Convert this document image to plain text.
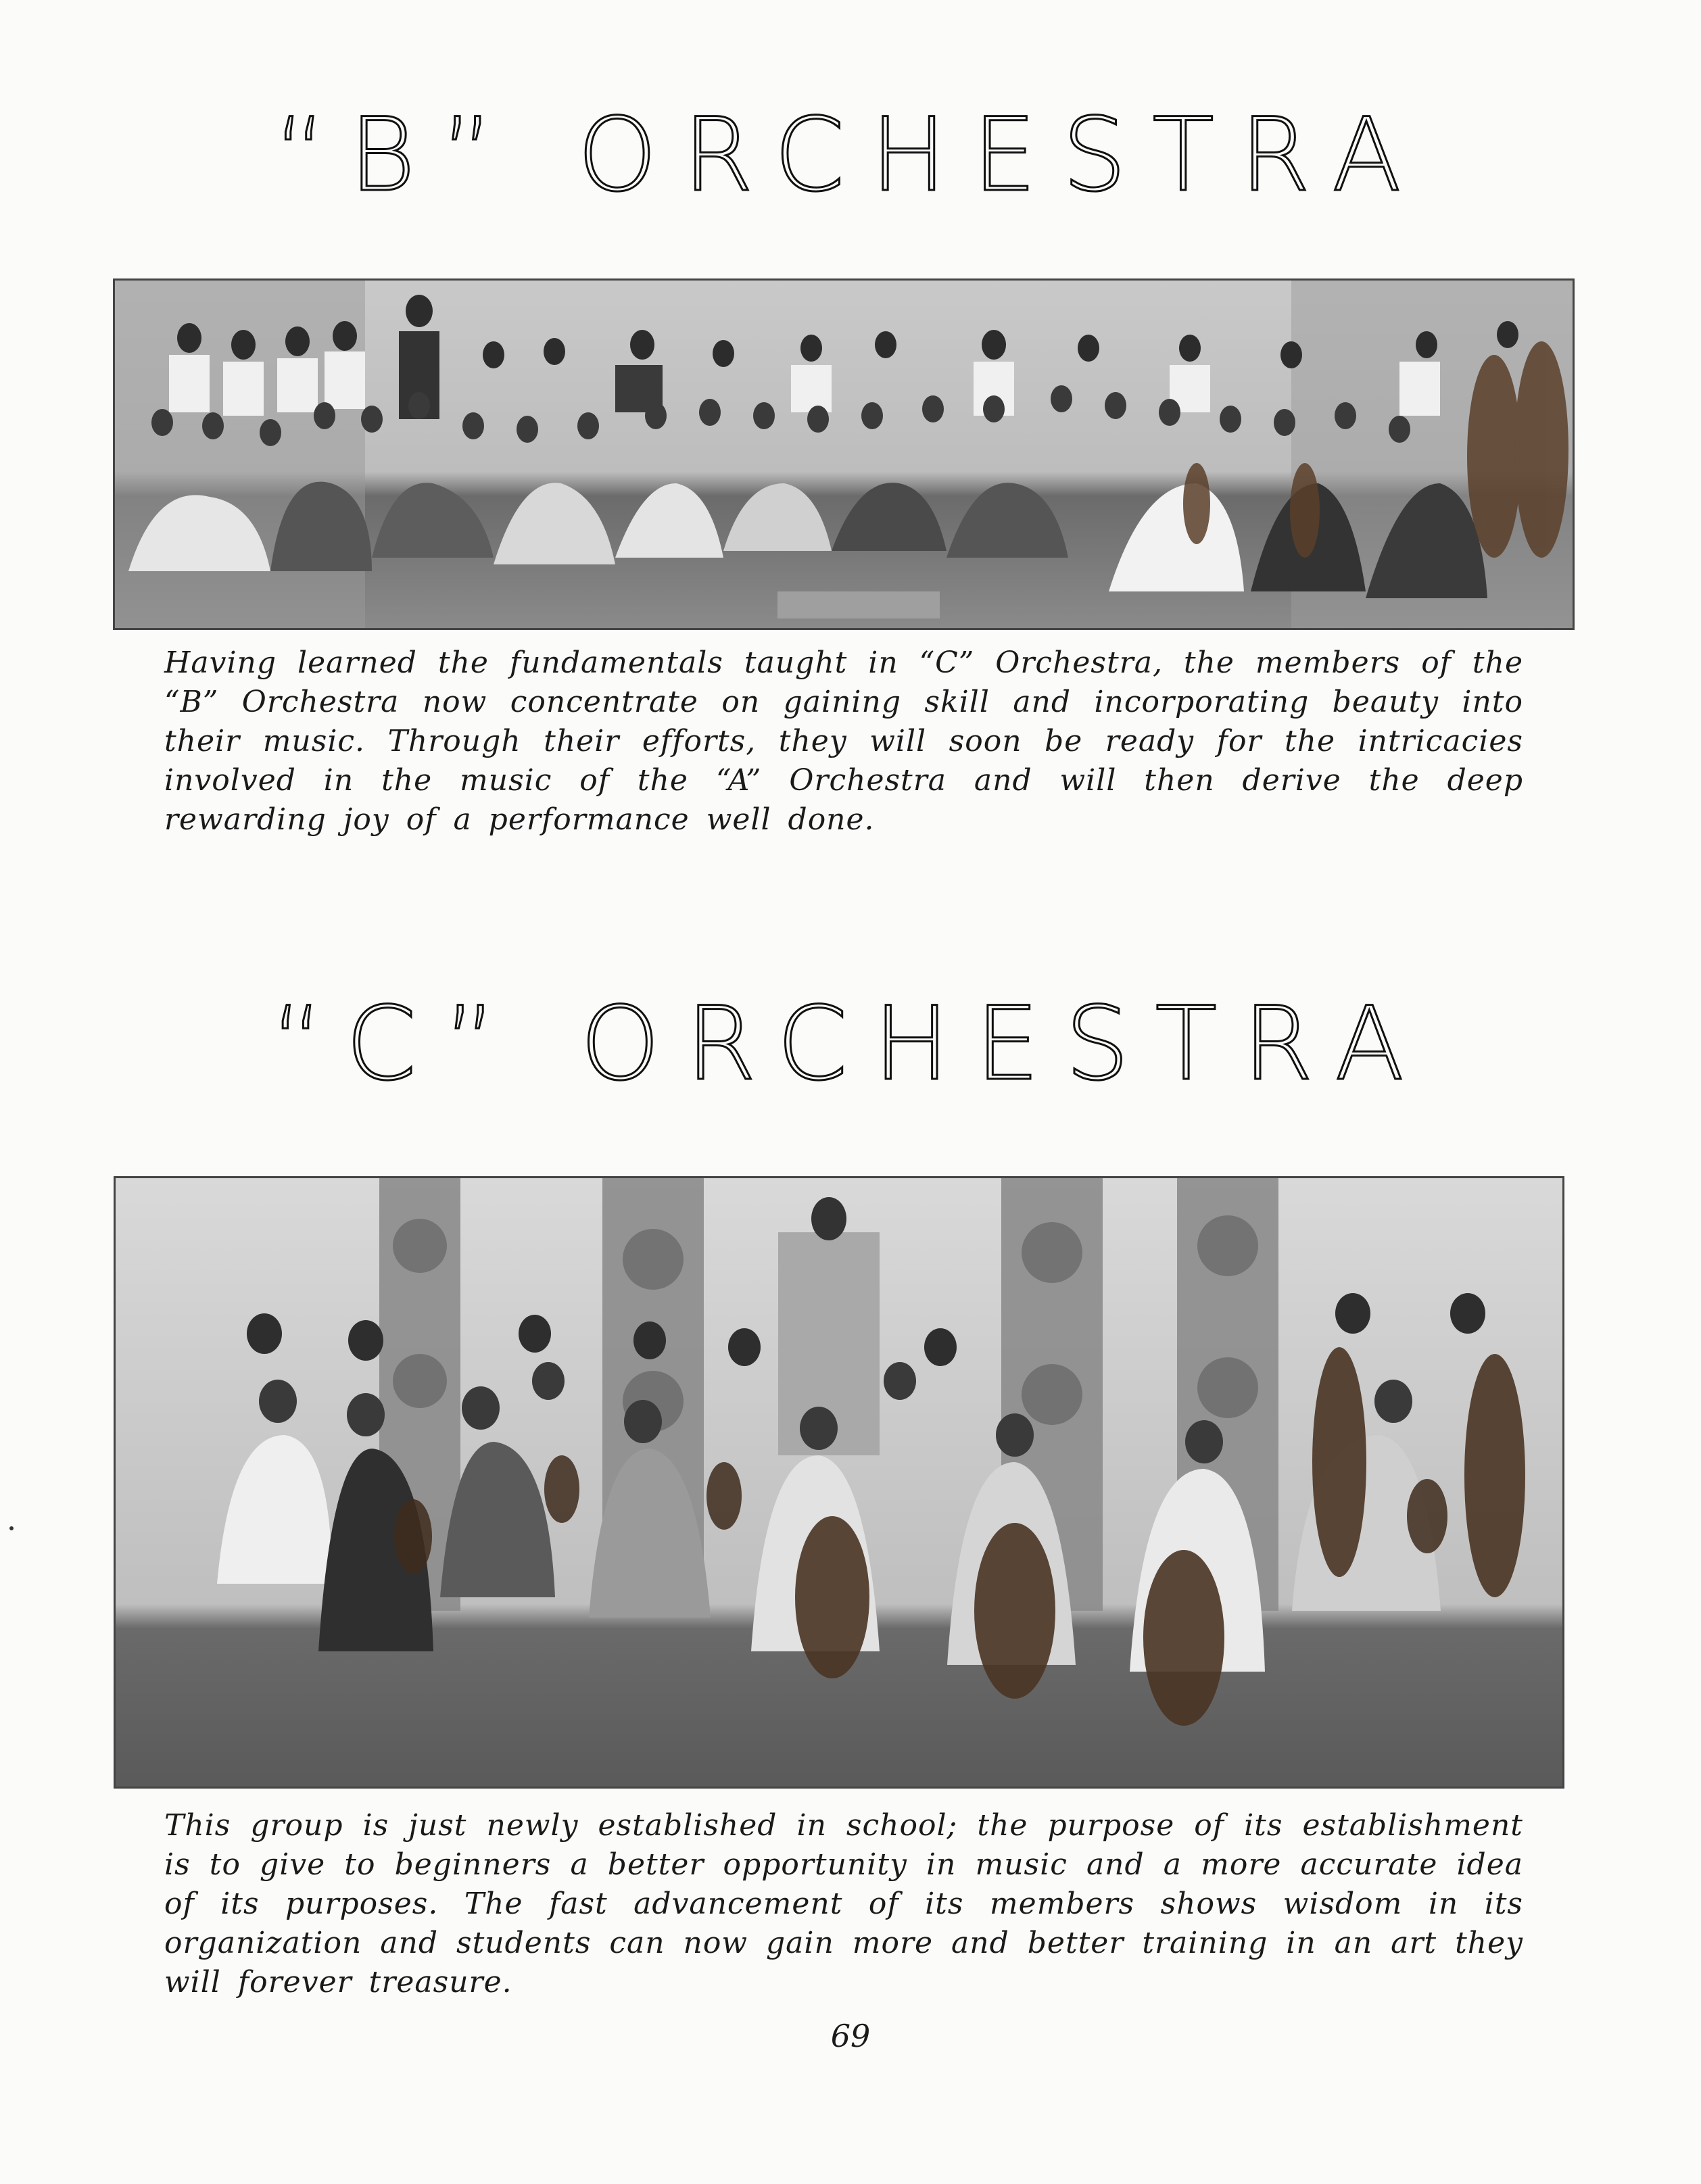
“B” ORCHESTRA
Having learned the fundamentals taught in “C” Orchestra, the members of the “B” Orchestra now concentrate on gaining skill and incorporating beauty into their music. Through their efforts, they will soon be ready for the intricacies involved in the music of the “A” Orchestra and will then derive the deep rewarding joy of a performance well done.
“C” ORCHESTRA
This group is just newly established in school; the purpose of its establishment is to give to beginners a better opportunity in music and a more accurate idea of its purposes. The fast advancement of its members shows wisdom in its organization and students can now gain more and better training in an art they will forever treasure.
69
